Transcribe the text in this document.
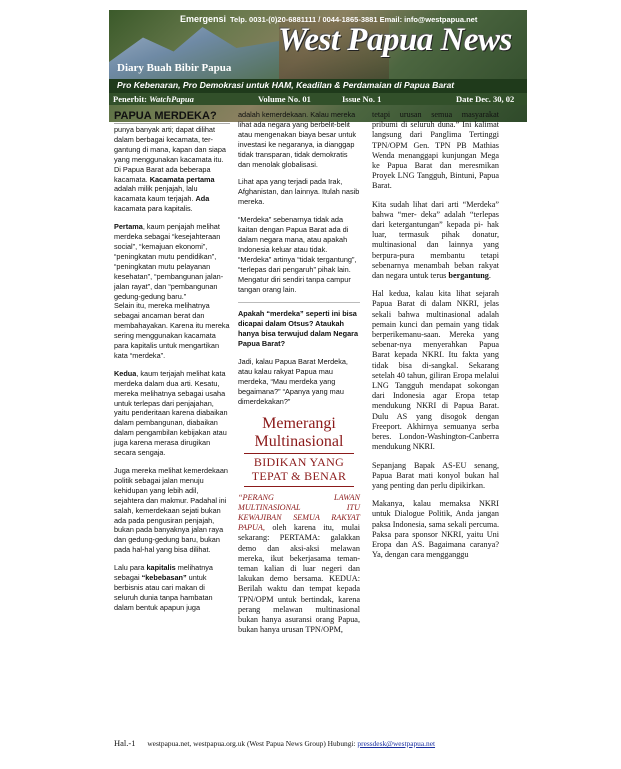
Emergensi Telp. 0031-(0)20-6881111 / 0044-1865-3881 Email: info@westpapua.net
West Papua News
Diary Buah Bibir Papua
Pro Kebenaran, Pro Demokrasi untuk HAM, Keadilan & Perdamaian di Papua Barat
Penerbit: WatchPapua	Volume No. 01	Issue No. 1	Date Dec. 30, 02
PAPUA MERDEKA?

punya banyak arti; dapat dilihat dalam berbagai kecamata, ter- gantung di mana, kapan dan siapa yang menggunakan kacamata itu. Di Papua Barat ada beberapa kacamata. Kacamata pertama adalah milik penjajah, lalu kacamata kaum terjajah. Ada kacamata para kapitalis.

Pertama, kaum penjajah melihat merdeka sebagai “kesejahteraan social”, “kemajuan ekonomi”, “peningkatan mutu pendidikan”, “peningkatan mutu pelayanan kesehatan”, “pembangunan jalan-jalan rayat”, dan “pembangunan gedung-gedung baru.”

Selain itu, mereka melihatnya sebagai ancaman berat dan membahayakan. Karena itu mereka sering menggunakan kacamata para kapitalis untuk mengartikan kata “merdeka”.

Kedua, kaum terjajah melihat kata merdeka dalam dua arti. Kesatu, mereka melihatnya sebagai usaha untuk terlepas dari penjajahan, yaitu penderitaan karena diabaikan dalam pembangunan, diabaikan dalam pengambilan kebijakan atau juga karena merasa dirugikan secara sengaja.

Juga mereka melihat kemerdekaan politik sebagai jalan menuju kehidupan yang lebih adil, sejahtera dan makmur. Padahal ini salah, kemerdekaan sejati bukan ada pada pengusiran penjajah, bukan pada banyaknya jalan raya dan gedung-gedung baru, bukan pada hal-hal yang bisa dilihat.

Lalu para kapitalis melihatnya sebagai “kebebasan” untuk berbisnis atau cari makan di seluruh dunia tanpa hambatan dalam bentuk apapun juga

adalah kemerdekaan. Kalau mereka lihat ada negara yang berbelit-belit atau mengenakan biaya besar untuk investasi ke negaranya, ia dianggap tidak transparan, tidak demokratis dan menolak globalisasi.

Lihat apa yang terjadi pada Irak, Afghanistan, dan lainnya. Itulah nasib mereka.

“Merdeka” sebenarnya tidak ada kaitan dengan Papua Barat ada di dalam negara mana, atau apakah Indonesia keluar atau tidak. “Merdeka” artinya “tidak tergantung”, “terlepas dari pengaruh” pihak lain. Mengatur diri sendiri tanpa campur tangan orang lain.

Apakah “merdeka” seperti ini bisa dicapai dalam Otsus? Ataukah hanya bisa terwujud dalam Negara Papua Barat?

Jadi, kalau Papua Barat Merdeka, atau kalau rakyat Papua mau merdeka, “Mau merdeka yang begaimana?” “Apanya yang mau dimerdekakan?”

Memerangi
Multinasional
BIDIKAN YANG
TEPAT & BENAR

“PERANG LAWAN MULTINASIONAL ITU KEWAJIBAN SEMUA RAKYAT PAPUA, oleh karena itu, mulai sekarang: PERTAMA: galakkan demo dan aksi-aksi melawan mereka, ikut bekerjasama teman-teman kalian di luar negeri dan lakukan demo bersama. KEDUA: Berilah waktu dan tempat kepada TPN/OPM untuk bertindak, karena perang melawan multinasional bukan hanya asuransi orang Papua, bukan hanya urusan TPN/OPM,

tetapi urusan semua masyarakat pribumi di seluruh duna.” Ini kalimat langsung dari Panglima Tertinggi TPN/OPM Gen. TPN PB Mathias Wenda menanggapi kunjungan Mega ke Papua Barat dan meresmikan Proyek LNG Tangguh, Bintuni, Papua Barat.

Kita sudah lihat dari arti “Merdeka” bahwa “mer- deka” adalah “terlepas dari ketergantungan” kepada pi- hak luar, termasuk pihak donatur, multinasional dan lainnya yang berpura-pura membantu tetapi sebenarnya menambah beban rakyat dan negara untuk terus bergantung.

Hal kedua, kalau kita lihat sejarah Papua Barat di dalam NKRI, jelas sekali bahwa multinasional adalah pemain kunci dan pemain yang tidak berperikemanu-saan. Mereka yang sebenar-nya menyerahkan Papua Barat kepada NKRI. Itu fakta yang tidak bisa di-sangkal. Sekarang setelah 40 tahun, giliran Eropa melalui LNG Tangguh mendapat sokongan dari Indonesia agar Eropa tetap mendukung NKRI di Papua Barat. Dulu AS yang disogok dengan Freeport. Akhirnya semuanya serba beres. London-Washington-Canberra mendukung NKRI.

Sepanjang Bapak AS-EU senang, Papua Barat mati konyol bukan hal yang penting dan perlu dipikirkan.

Makanya, kalau memaksa NKRI untuk Dialogue Politik, Anda jangan paksa Indonesia, sama sekali percuma. Paksa para sponsor NKRI, yaitu Uni Eropa dan AS. Bagaimana caranya? Ya, dengan cara mengganggu

Hal.-1 westpapua.net, westpapua.org.uk (West Papua News Group) Hubungi: pressdesk@westpapua.net
